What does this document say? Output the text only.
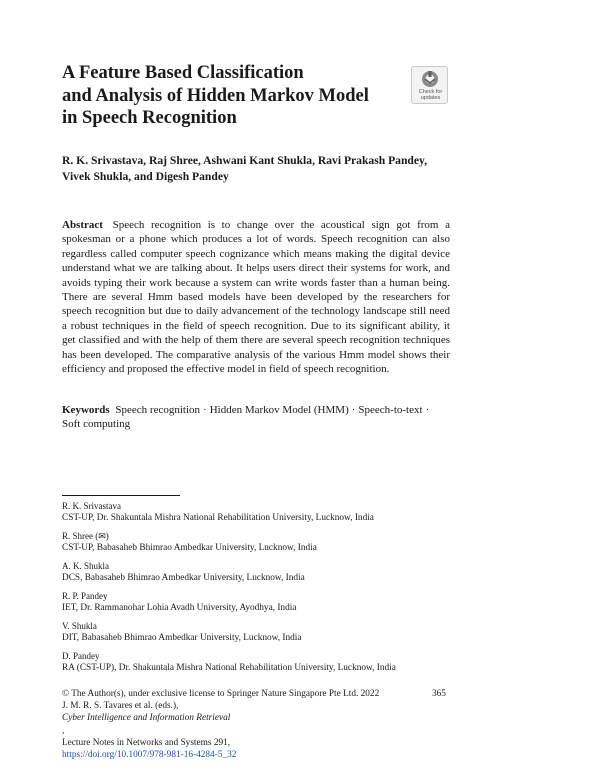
A Feature Based Classification
and Analysis of Hidden Markov Model
in Speech Recognition
Check for
updates
R. K. Srivastava, Raj Shree, Ashwani Kant Shukla, Ravi Prakash Pandey,
Vivek Shukla, and Digesh Pandey

Abstract Speech recognition is to change over the acoustical sign got from a spokesman or a phone which produces a lot of words. Speech recognition can also regardless called computer speech cognizance which means making the digital device understand what we are talking about. It helps users direct their systems for work, and avoids typing their work because a system can write words faster than a human being. There are several Hmm based models have been developed by the researchers for speech recognition but due to daily advancement of the technology landscape still need a robust techniques in the field of speech recognition. Due to its significant ability, it get classified and with the help of them there are several speech recognition techniques has been developed. The comparative analysis of the various Hmm model shows their efficiency and proposed the effective model in field of speech recognition.

Keywords Speech recognition · Hidden Markov Model (HMM) · Speech-to-text ·
Soft computing
R. K. Srivastava
CST-UP, Dr. Shakuntala Mishra National Rehabilitation University, Lucknow, India
R. Shree (✉)
CST-UP, Babasaheb Bhimrao Ambedkar University, Lucknow, India
A. K. Shukla
DCS, Babasaheb Bhimrao Ambedkar University, Lucknow, India
R. P. Pandey
IET, Dr. Rammanohar Lohia Avadh University, Ayodhya, India
V. Shukla
DIT, Babasaheb Bhimrao Ambedkar University, Lucknow, India
D. Pandey
RA (CST-UP), Dr. Shakuntala Mishra National Rehabilitation University, Lucknow, India
© The Author(s), under exclusive license to Springer Nature Singapore Pte Ltd. 2022
J. M. R. S. Tavares et al. (eds.),
Cyber Intelligence and Information Retrieval
,
Lecture Notes in Networks and Systems 291,
https://doi.org/10.1007/978-981-16-4284-5_32
365
